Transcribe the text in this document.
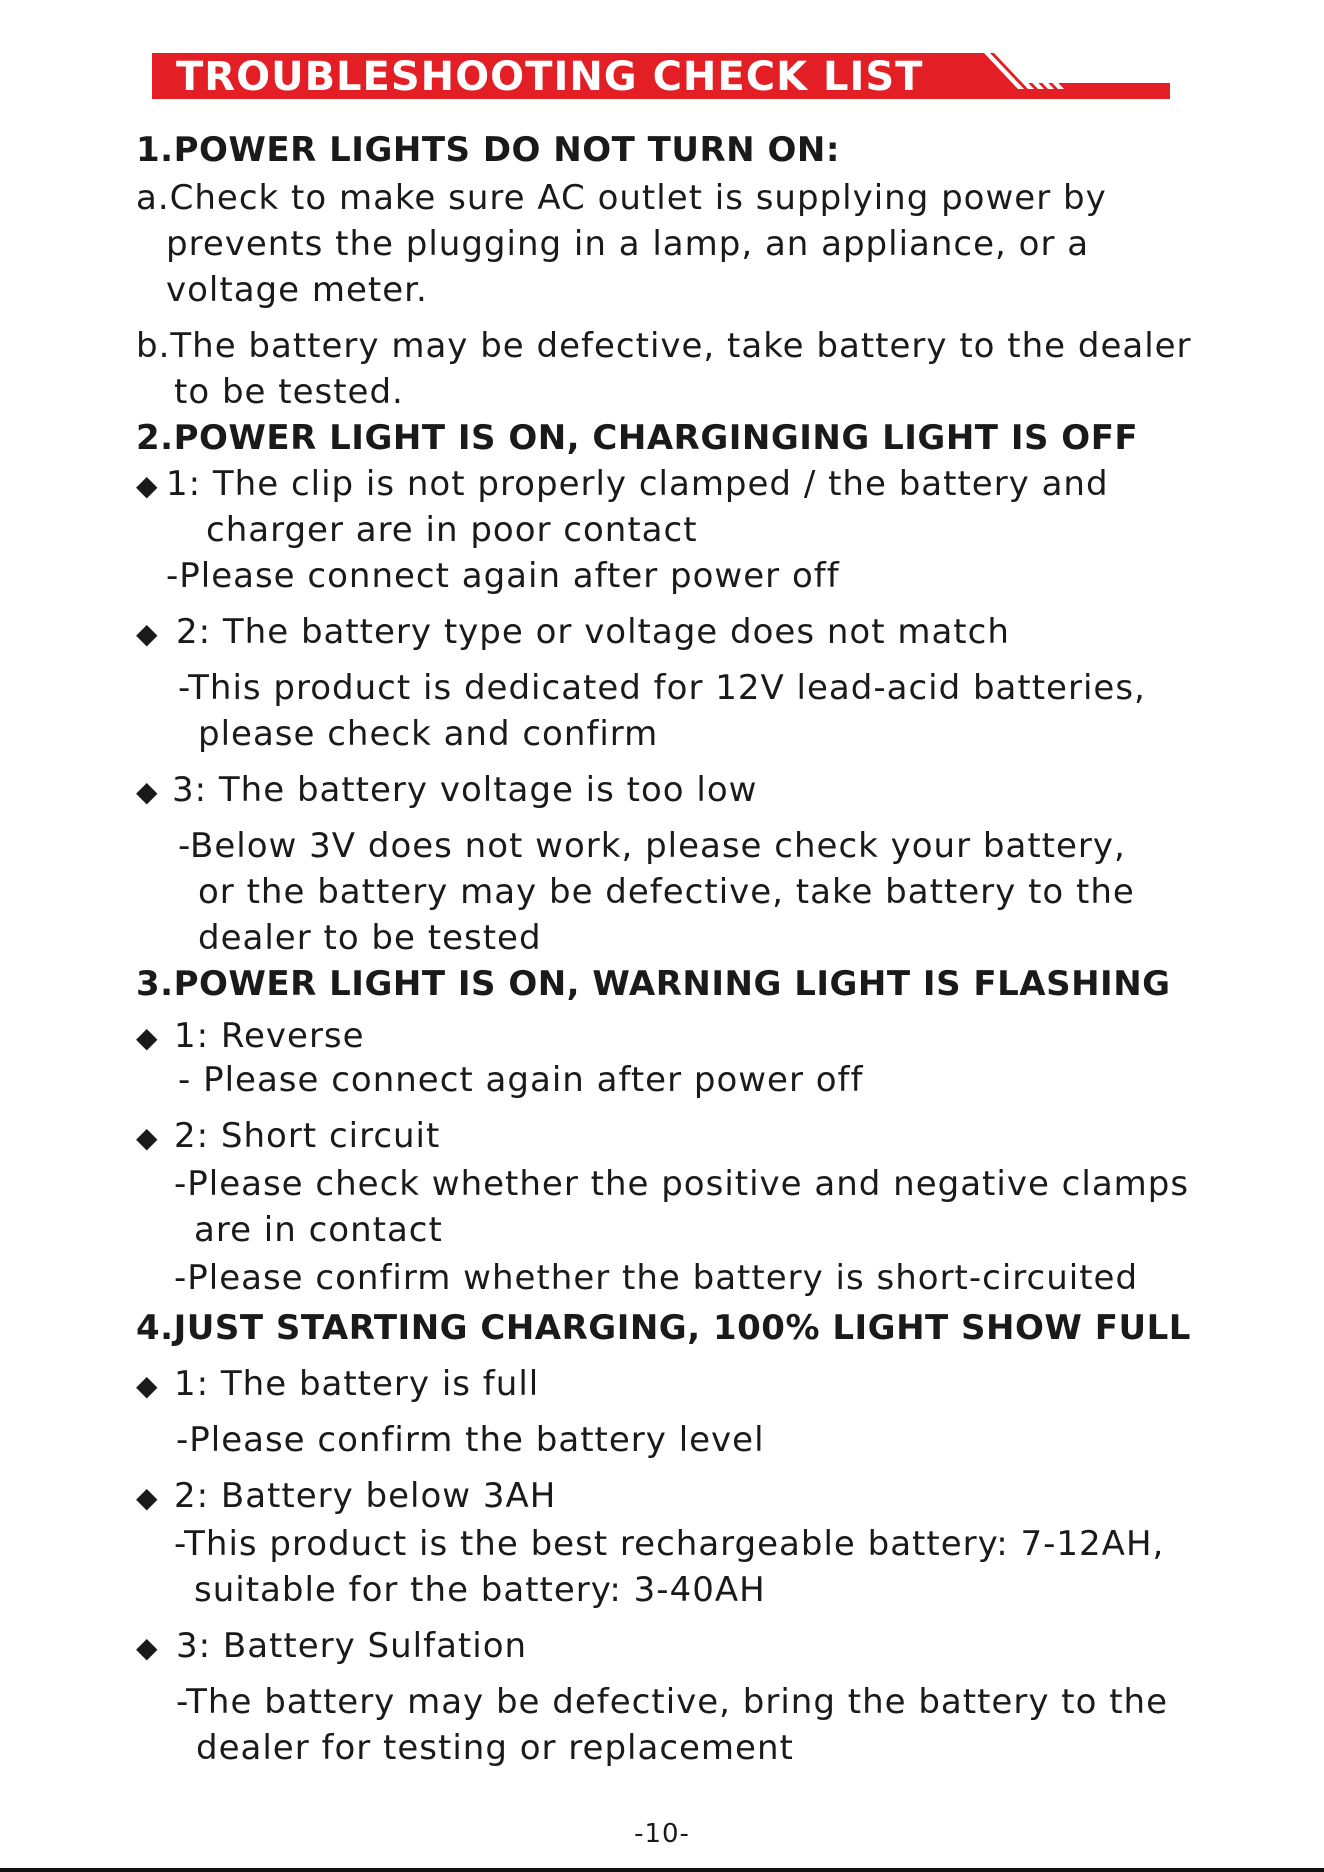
TROUBLESHOOTING CHECK LIST
1.POWER LIGHTS DO NOT TURN ON:
a.Check to make sure AC outlet is supplying power by
prevents the plugging in a lamp, an appliance, or a
voltage meter.
b.The battery may be defective, take battery to the dealer
to be tested.
2.POWER LIGHT IS ON, CHARGINGING LIGHT IS OFF
◆ 1: The clip is not properly clamped / the battery and
charger are in poor contact
-Please connect again after power off
◆ 2: The battery type or voltage does not match
-This product is dedicated for 12V lead-acid batteries,
please check and confirm
◆ 3: The battery voltage is too low
-Below 3V does not work, please check your battery,
or the battery may be defective, take battery to the
dealer to be tested
3.POWER LIGHT IS ON, WARNING LIGHT IS FLASHING
◆ 1: Reverse
- Please connect again after power off
◆ 2: Short circuit
-Please check whether the positive and negative clamps
are in contact
-Please confirm whether the battery is short-circuited
4.JUST STARTING CHARGING, 100% LIGHT SHOW FULL
◆ 1: The battery is full
-Please confirm the battery level
◆ 2: Battery below 3AH
-This product is the best rechargeable battery: 7-12AH,
suitable for the battery: 3-40AH
◆ 3: Battery Sulfation
-The battery may be defective, bring the battery to the
dealer for testing or replacement
-10-
